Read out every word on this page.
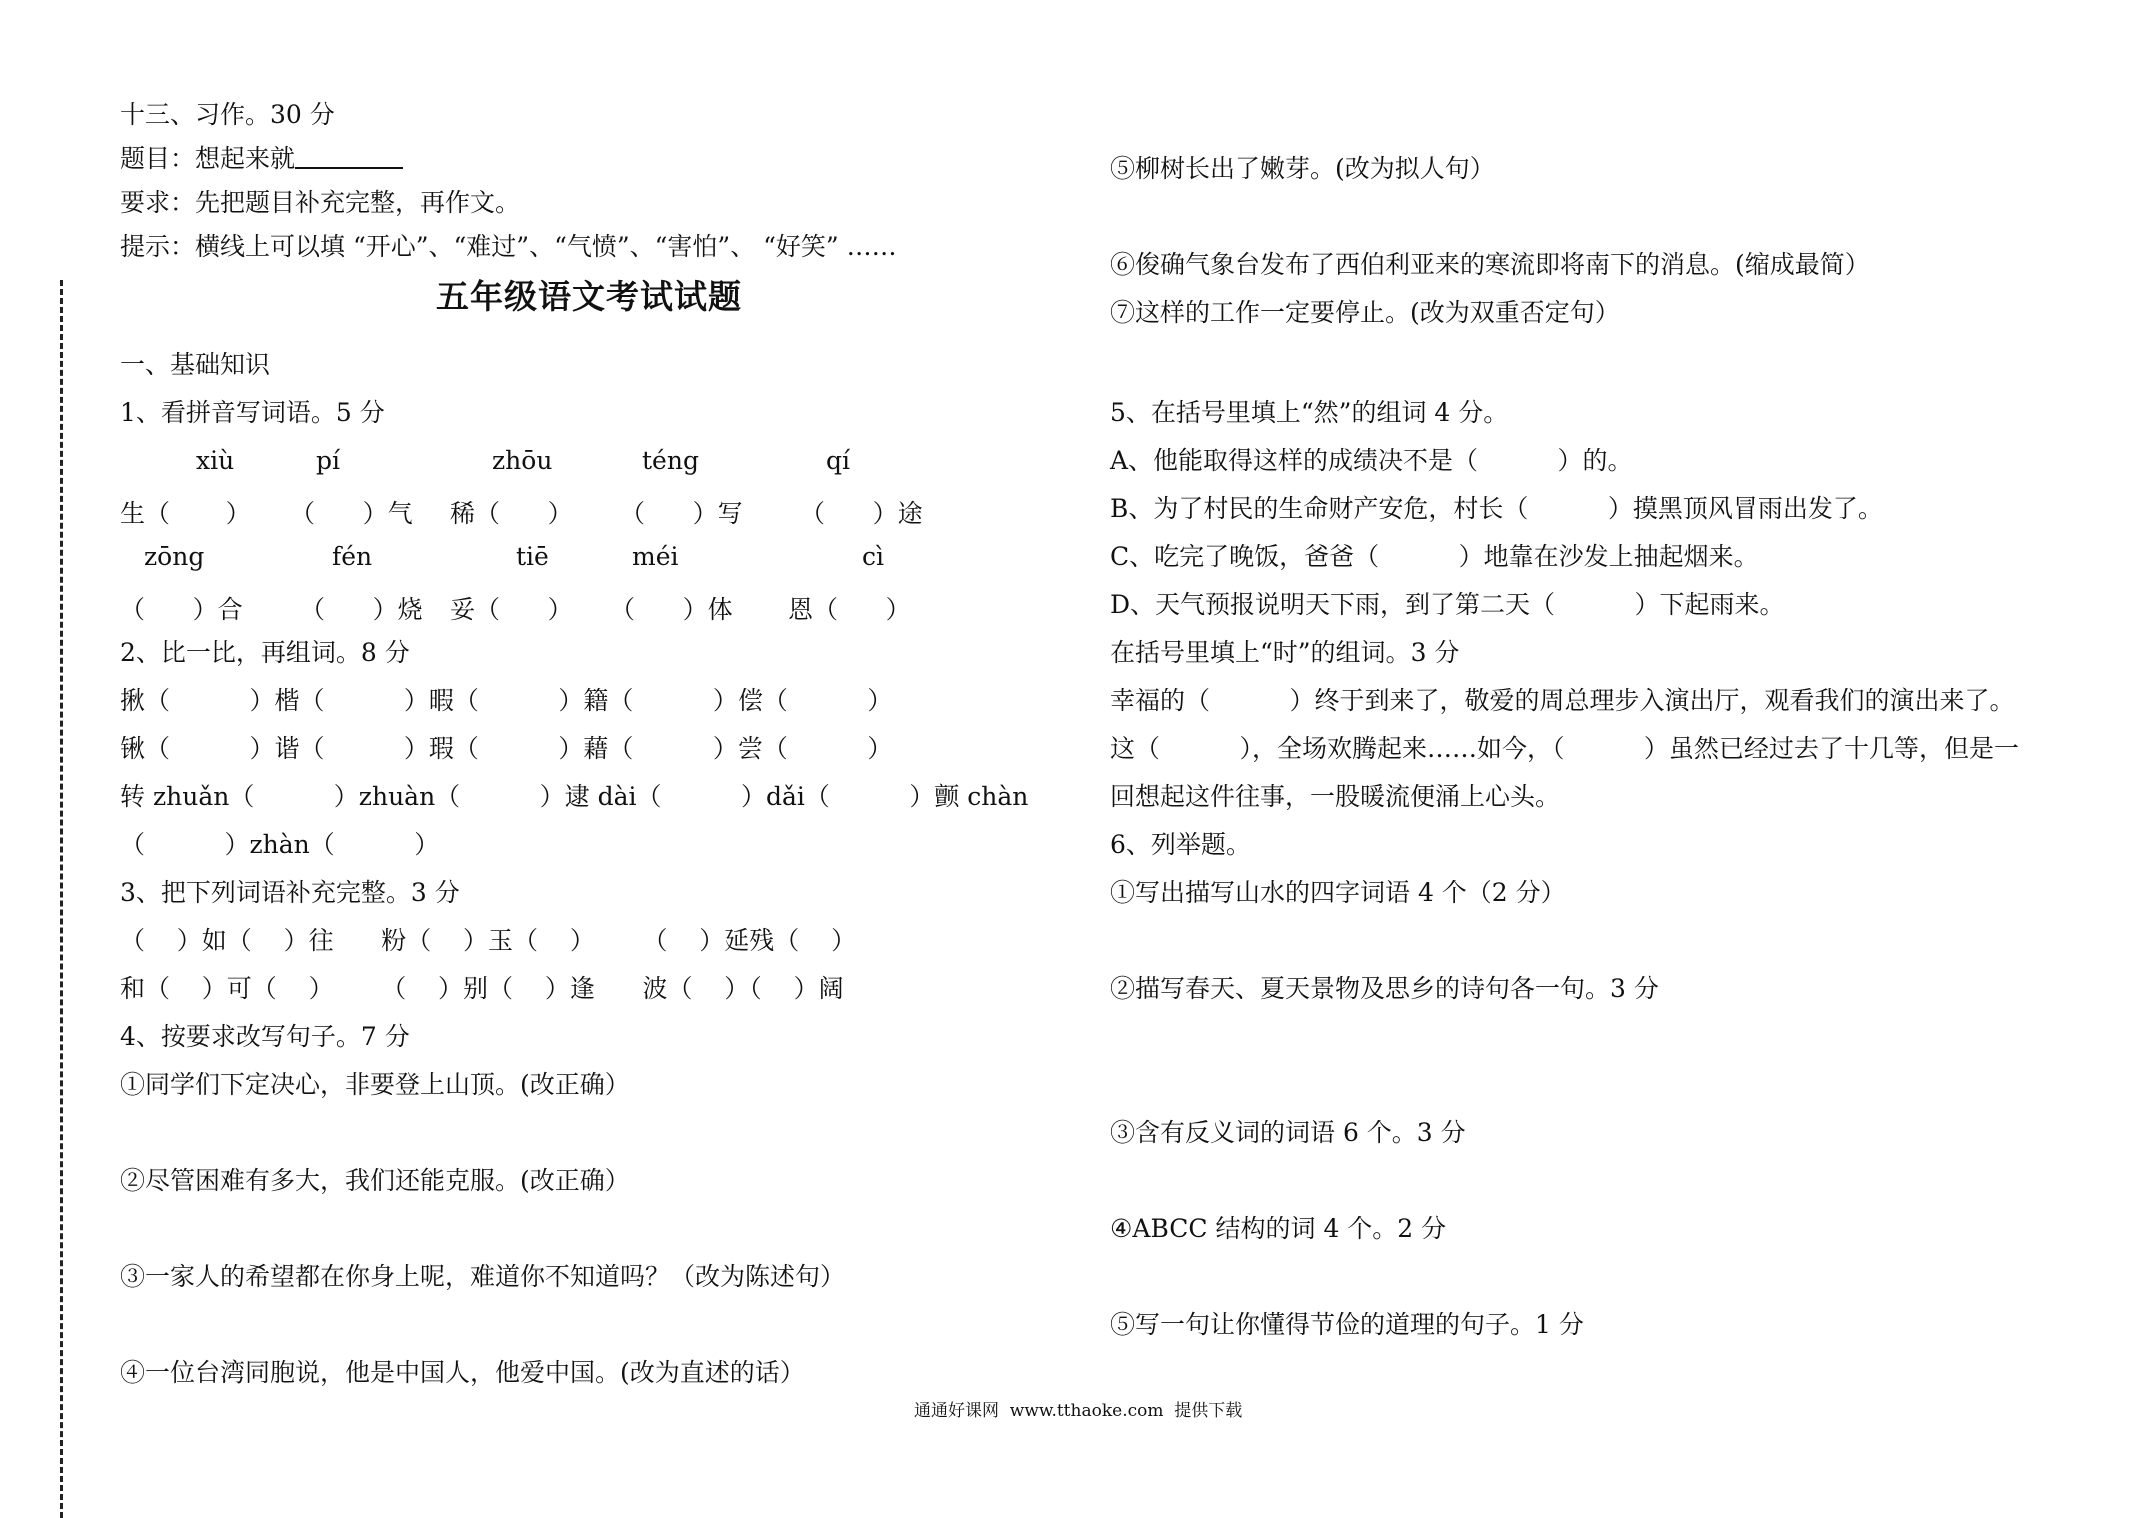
十三、习作。30 分
题目：想起来就
要求：先把题目补充完整，再作文。
提示：横线上可以填 “开心”、“难过”、“气愤”、“害怕”、 “好笑” ……
五年级语文考试试题
一、基础知识
1、看拼音写词语。5 分
xiù	pí	zhōu	téng	qí
生（       ） （      ）气 稀（      ） （      ）写 （      ）途
zōng	fén	tiē	méi	cì
（      ）合 （      ）烧 妥（      ） （      ）体 恩（      ）
2、比一比，再组词。8 分
揪（          ）楷（          ）暇（          ）籍（          ）偿（          ）
锹（          ）谐（          ）瑕（          ）藉（          ）尝（          ）
转 zhuǎn（          ）zhuàn（          ）逮 dài（          ）dǎi（          ）颤 chàn
（          ）zhàn（          ）
3、把下列词语补充完整。3 分
（    ）如（    ）往      粉（    ）玉（    ）      （    ）延残（    ）
和（    ）可（    ）      （    ）别（    ）逢      波（    ）（    ）阔
4、按要求改写句子。7 分
①同学们下定决心，非要登上山顶。(改正确）
②尽管困难有多大，我们还能克服。(改正确）
③一家人的希望都在你身上呢，难道你不知道吗？（改为陈述句）
④一位台湾同胞说，他是中国人，他爱中国。(改为直述的话）
⑤柳树长出了嫩芽。(改为拟人句）
⑥俊确气象台发布了西伯利亚来的寒流即将南下的消息。(缩成最简）
⑦这样的工作一定要停止。(改为双重否定句）
5、在括号里填上“然”的组词 4 分。
A、他能取得这样的成绩决不是（          ）的。
B、为了村民的生命财产安危，村长（          ）摸黑顶风冒雨出发了。
C、吃完了晚饭，爸爸（          ）地靠在沙发上抽起烟来。
D、天气预报说明天下雨，到了第二天（          ）下起雨来。
在括号里填上“时”的组词。3 分
幸福的（          ）终于到来了，敬爱的周总理步入演出厅，观看我们的演出来了。
这（          ），全场欢腾起来……如今，（          ）虽然已经过去了十几等，但是一
回想起这件往事，一股暖流便涌上心头。
6、列举题。
①写出描写山水的四字词语 4 个（2 分）
②描写春天、夏天景物及思乡的诗句各一句。3 分
③含有反义词的词语 6 个。3 分
④ABCC 结构的词 4 个。2 分
⑤写一句让你懂得节俭的道理的句子。1 分
通通好课网  www.tthaoke.com  提供下载
